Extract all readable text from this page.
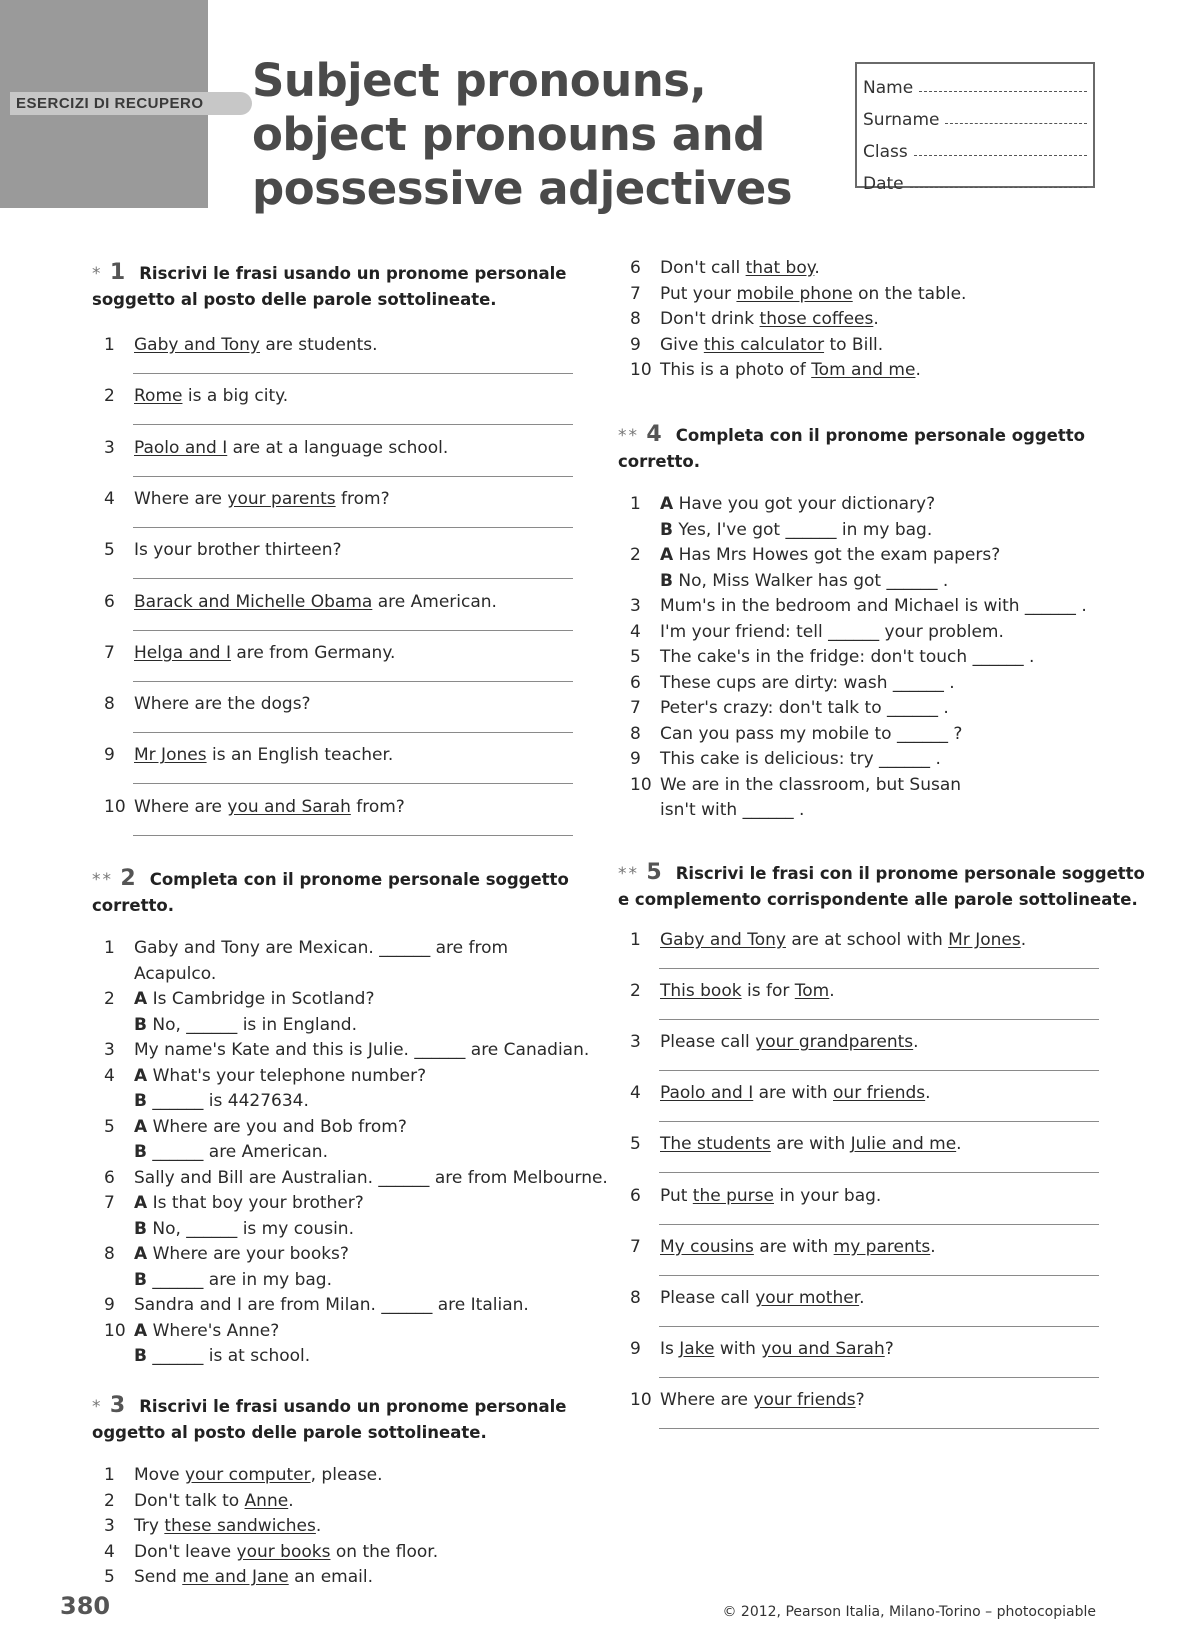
ESERCIZI DI RECUPERO	Subject pronouns,
object pronouns and
possessive adjectives
Name
Surname
Class
Date
* 1 Riscrivi le frasi usando un pronome personale
soggetto al posto delle parole sottolineate.
1	Gaby and Tony are students.
2	Rome is a big city.
3	Paolo and I are at a language school.
4	Where are your parents from?
5	Is your brother thirteen?
6	Barack and Michelle Obama are American.
7	Helga and I are from Germany.
8	Where are the dogs?
9	Mr Jones is an English teacher.
10 Where are you and Sarah from?
** 2 Completa con il pronome personale soggetto
corretto.
1	Gaby and Tony are Mexican. ______ are from
Acapulco.
2	A Is Cambridge in Scotland?
B No, ______ is in England.
3	My name's Kate and this is Julie. ______ are Canadian.
4	A What's your telephone number?
B ______ is 4427634.
5	A Where are you and Bob from?
B ______ are American.
6	Sally and Bill are Australian. ______ are from Melbourne.
7	A Is that boy your brother?
B No, ______ is my cousin.
8	A Where are your books?
B ______ are in my bag.
9	Sandra and I are from Milan. ______ are Italian.
10 A Where's Anne?
B ______ is at school.
* 3 Riscrivi le frasi usando un pronome personale
oggetto al posto delle parole sottolineate.
1	Move your computer, please.
2	Don't talk to Anne.
3	Try these sandwiches.
4	Don't leave your books on the floor.
5	Send me and Jane an email.
6	Don't call that boy.
7	Put your mobile phone on the table.
8	Don't drink those coffees.
9	Give this calculator to Bill.
10 This is a photo of Tom and me.
** 4 Completa con il pronome personale oggetto
corretto.
1	A Have you got your dictionary?
B Yes, I've got ______ in my bag.
2	A Has Mrs Howes got the exam papers?
B No, Miss Walker has got ______ .
3	Mum's in the bedroom and Michael is with ______ .
4	I'm your friend: tell ______ your problem.
5	The cake's in the fridge: don't touch ______ .
6	These cups are dirty: wash ______ .
7	Peter's crazy: don't talk to ______ .
8	Can you pass my mobile to ______ ?
9	This cake is delicious: try ______ .
10 We are in the classroom, but Susan
isn't with ______ .
** 5 Riscrivi le frasi con il pronome personale soggetto
e complemento corrispondente alle parole sottolineate.
1	Gaby and Tony are at school with Mr Jones.
2	This book is for Tom.
3	Please call your grandparents.
4	Paolo and I are with our friends.
5	The students are with Julie and me.
6	Put the purse in your bag.
7	My cousins are with my parents.
8	Please call your mother.
9	Is Jake with you and Sarah?
10 Where are your friends?
380	© 2012, Pearson Italia, Milano-Torino – photocopiable
